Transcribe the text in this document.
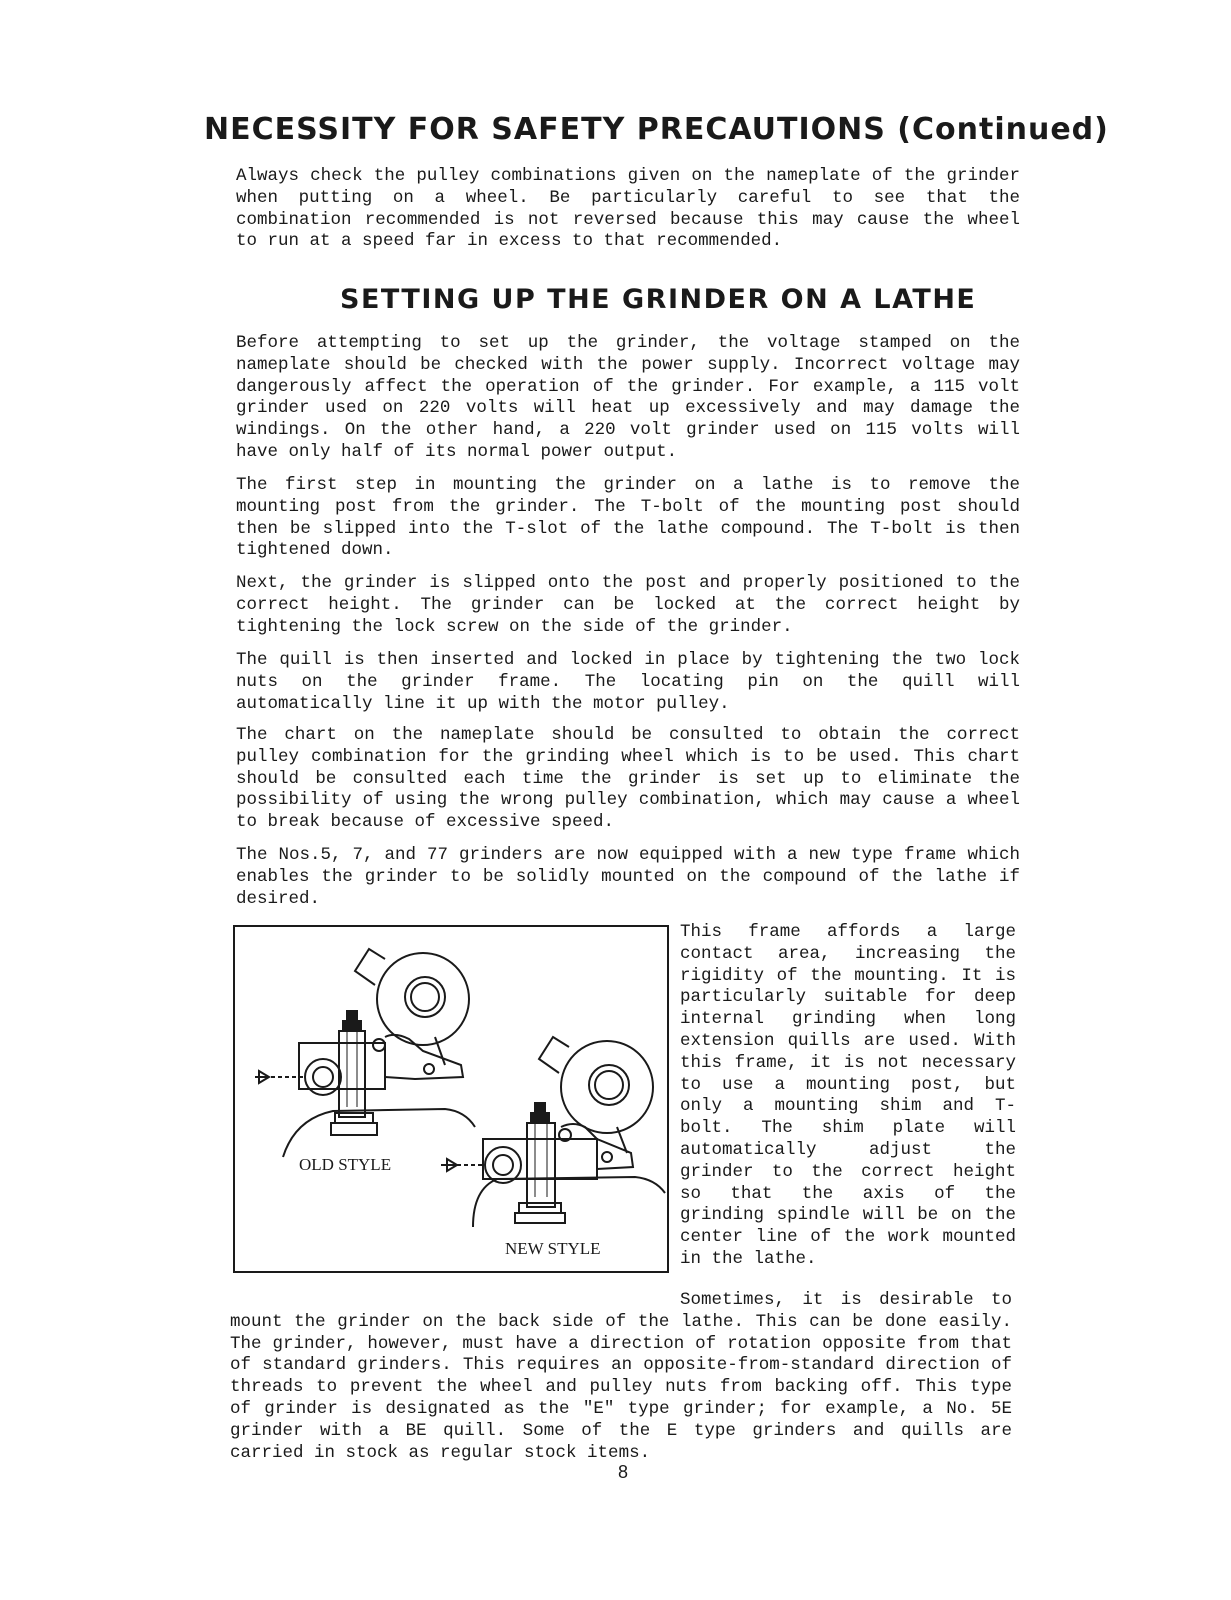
NECESSITY FOR SAFETY PRECAUTIONS (Continued)

Always check the pulley combinations given on the nameplate of the grinder when putting on a wheel. Be particularly careful to see that the combination recommended is not reversed because this may cause the wheel to run at a speed far in excess to that recommended.

SETTING UP THE GRINDER ON A LATHE

Before attempting to set up the grinder, the voltage stamped on the nameplate should be checked with the power supply. Incorrect voltage may dangerously affect the operation of the grinder. For example, a 115 volt grinder used on 220 volts will heat up excessively and may damage the windings. On the other hand, a 220 volt grinder used on 115 volts will have only half of its normal power output.

The first step in mounting the grinder on a lathe is to remove the mounting post from the grinder. The T-bolt of the mounting post should then be slipped into the T-slot of the lathe compound. The T-bolt is then tightened down.

Next, the grinder is slipped onto the post and properly positioned to the correct height. The grinder can be locked at the correct height by tightening the lock screw on the side of the grinder.

The quill is then inserted and locked in place by tightening the two lock nuts on the grinder frame. The locating pin on the quill will automatically line it up with the motor pulley.

The chart on the nameplate should be consulted to obtain the correct pulley combination for the grinding wheel which is to be used. This chart should be consulted each time the grinder is set up to eliminate the possibility of using the wrong pulley combination, which may cause a wheel to break because of excessive speed.

The Nos.5, 7, and 77 grinders are now equipped with a new type frame which enables the grinder to be solidly mounted on the compound of the lathe if desired.

OLD STYLE
NEW STYLE

This frame affords a large contact area, increasing the rigidity of the mounting. It is particularly suitable for deep internal grinding when long extension quills are used. With this frame, it is not necessary to use a mounting post, but only a mounting shim and T-bolt. The shim plate will automatically adjust the grinder to the correct height so that the axis of the grinding spindle will be on the center line of the work mounted in the lathe.

Sometimes, it is desirable to mount the grinder on the back side of the lathe. This can be done easily. The grinder, however, must have a direction of rotation opposite from that of standard grinders. This requires an opposite-from-standard direction of threads to prevent the wheel and pulley nuts from backing off. This type of grinder is designated as the "E" type grinder; for example, a No. 5E grinder with a BE quill. Some of the E type grinders and quills are carried in stock as regular stock items.

8
